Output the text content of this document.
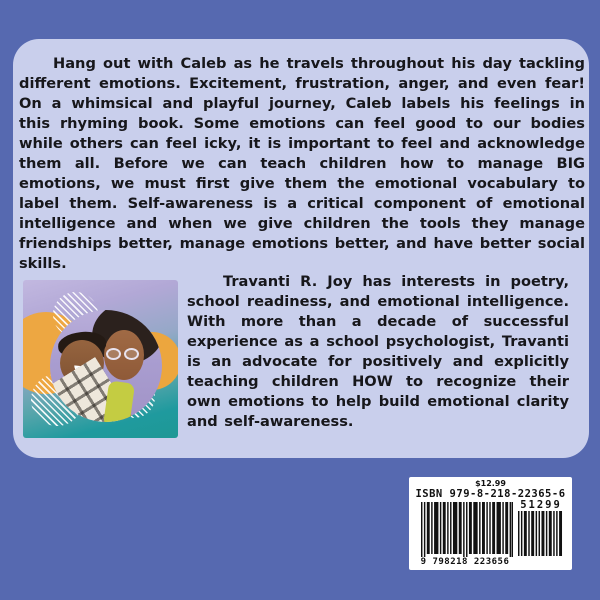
Hang out with Caleb as he travels throughout his day tackling different emotions. Excitement, frustration, anger, and even fear! On a whimsical and playful journey, Caleb labels his feelings in this rhyming book. Some emotions can feel good to our bodies while others can feel icky, it is important to feel and acknowledge them all. Before we can teach children how to manage BIG emotions, we must first give them the emotional vocabulary to label them. Self-awareness is a critical component of emotional intelligence and when we give children the tools they manage friendships better, manage emotions better, and have better social skills.

Travanti R. Joy has interests in poetry, school readiness, and emotional intelligence. With more than a decade of successful experience as a school psychologist, Travanti is an advocate for positively and explicitly teaching children HOW to recognize their own emotions to help build emotional clarity and self-awareness.

$12.99
ISBN 979-8-218-22365-6
51299
9 798218 223656
